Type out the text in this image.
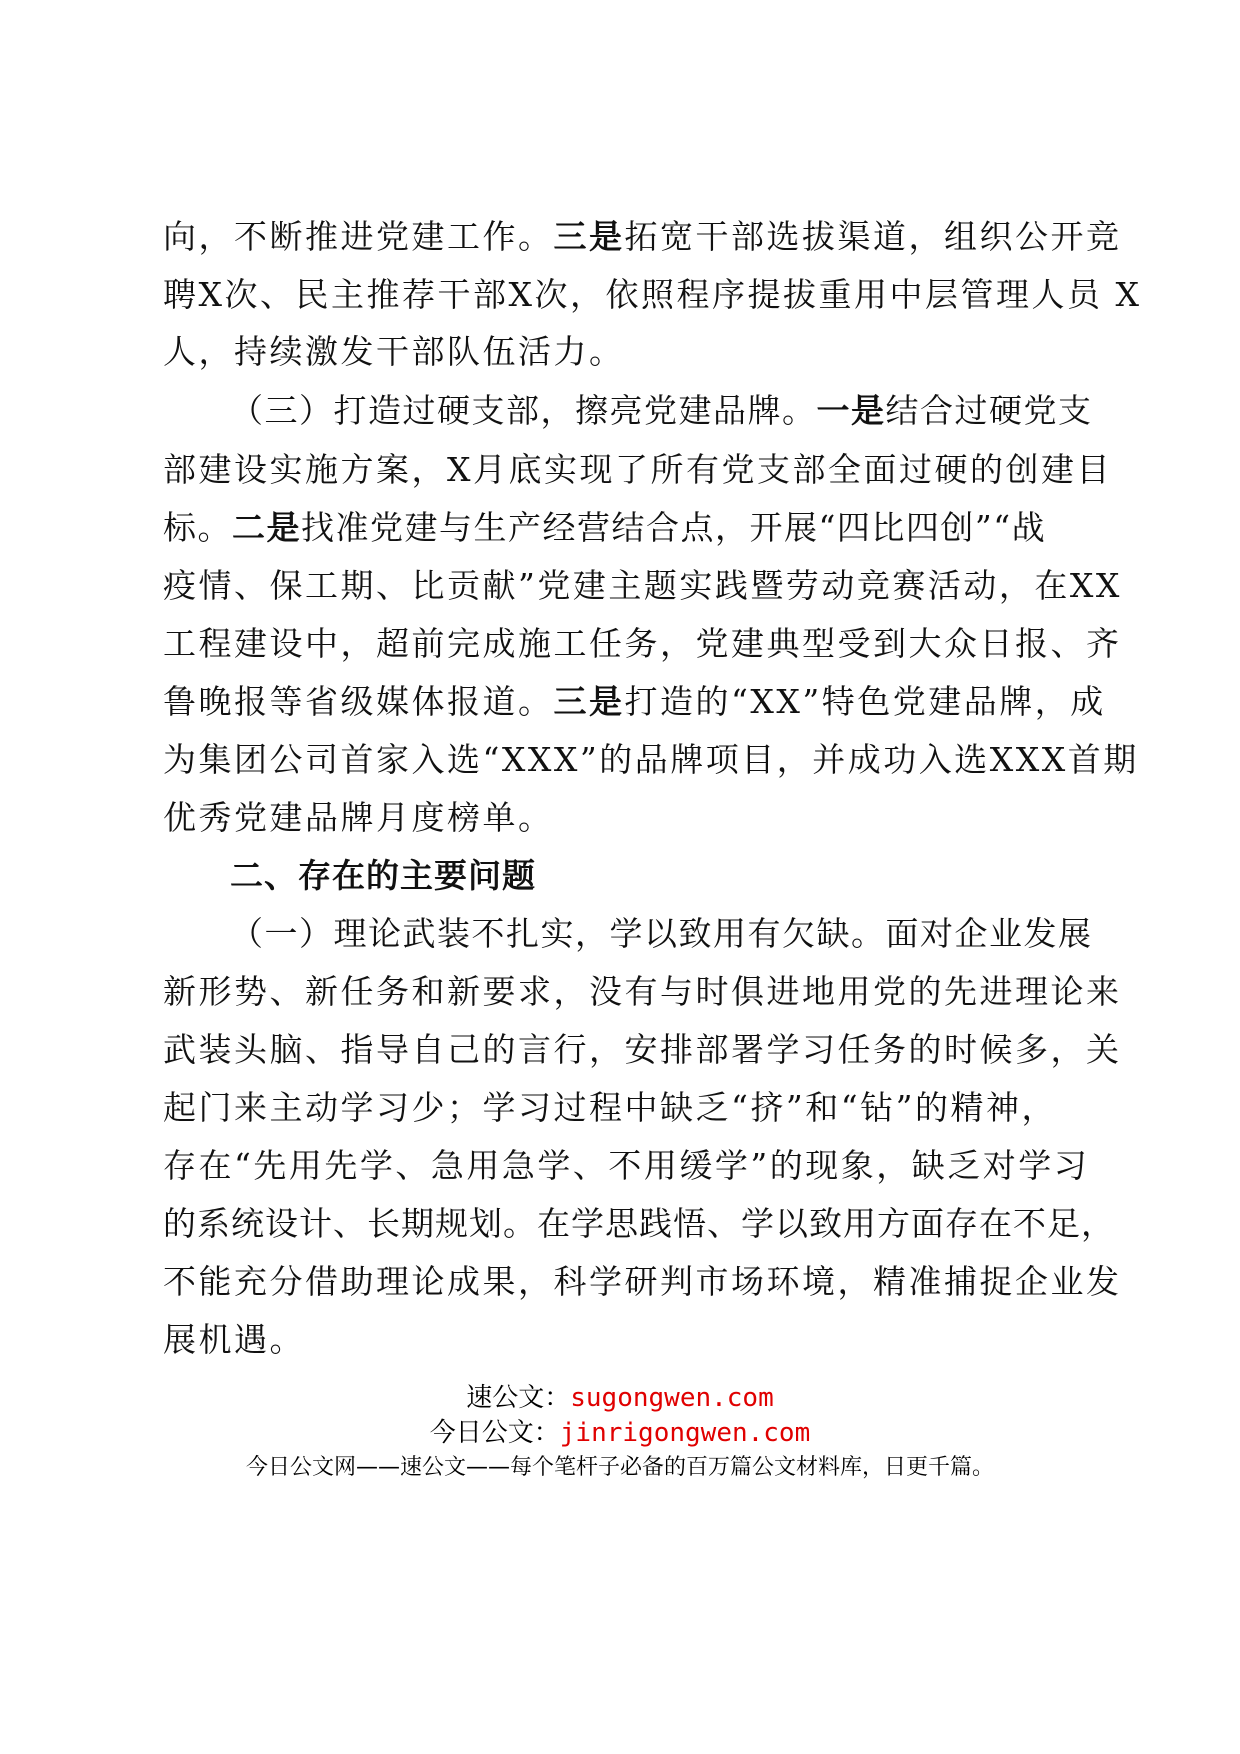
向，不断推进党建工作。三是拓宽干部选拔渠道，组织公开竞
聘X次、民主推荐干部X次，依照程序提拔重用中层管理人员 X
人，持续激发干部队伍活力。
（三）打造过硬支部，擦亮党建品牌。一是结合过硬党支
部建设实施方案，X月底实现了所有党支部全面过硬的创建目
标。二是找准党建与生产经营结合点，开展“四比四创”“战
疫情、保工期、比贡献”党建主题实践暨劳动竞赛活动，在XX
工程建设中，超前完成施工任务，党建典型受到大众日报、齐
鲁晚报等省级媒体报道。三是打造的“XX”特色党建品牌，成
为集团公司首家入选“XXX”的品牌项目，并成功入选XXX首期
优秀党建品牌月度榜单。
二、存在的主要问题
（一）理论武装不扎实，学以致用有欠缺。面对企业发展
新形势、新任务和新要求，没有与时俱进地用党的先进理论来
武装头脑、指导自己的言行，安排部署学习任务的时候多，关
起门来主动学习少；学习过程中缺乏“挤”和“钻”的精神，
存在“先用先学、急用急学、不用缓学”的现象，缺乏对学习
的系统设计、长期规划。在学思践悟、学以致用方面存在不足，
不能充分借助理论成果，科学研判市场环境，精准捕捉企业发
展机遇。
速公文：sugongwen.com
今日公文：jinrigongwen.com
今日公文网——速公文——每个笔杆子必备的百万篇公文材料库，日更千篇。
